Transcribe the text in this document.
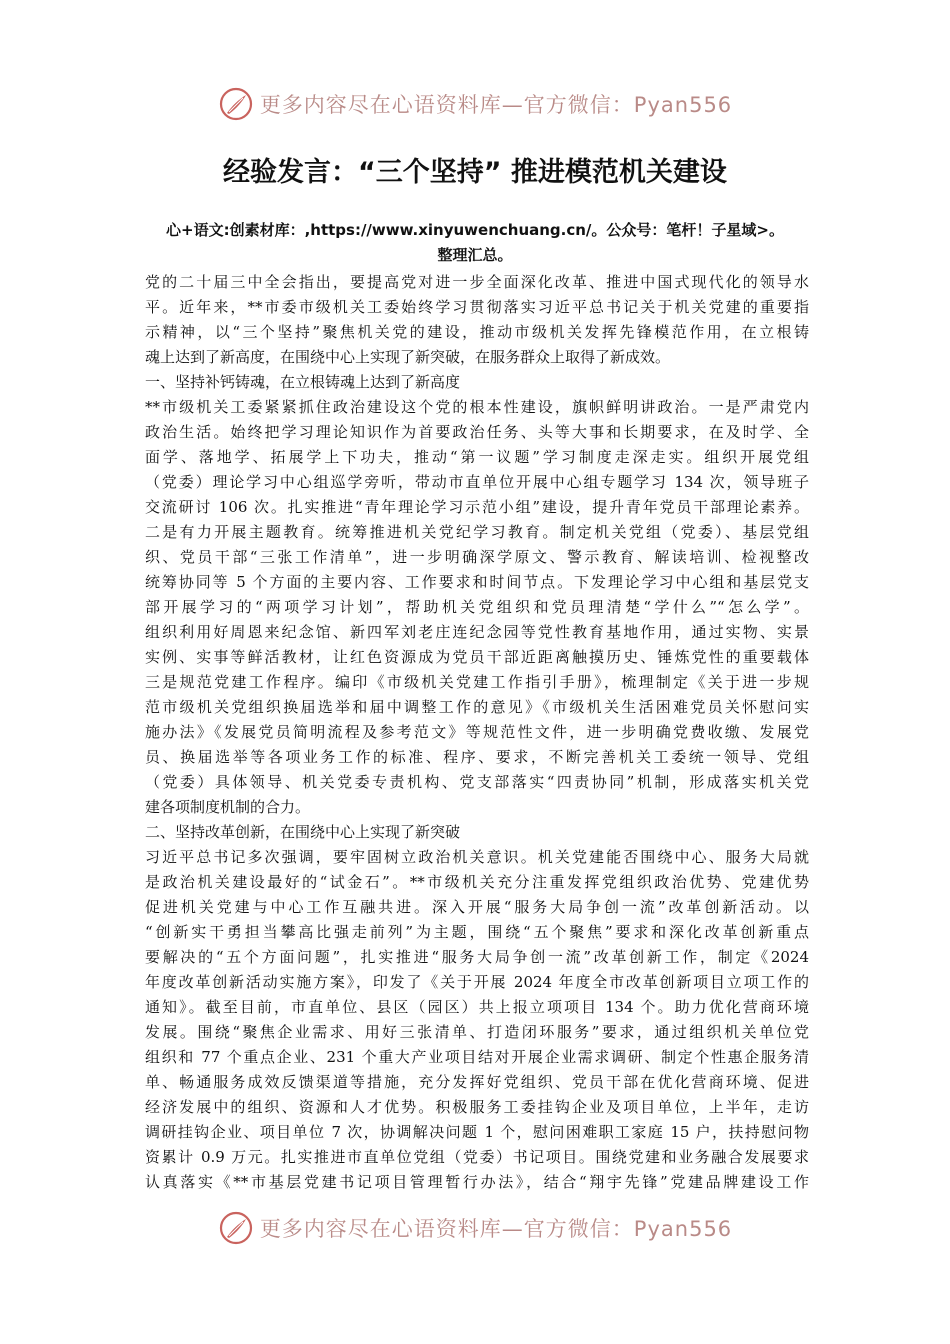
更多内容尽在心语资料库—官方微信：Pyan556
经验发言：“三个坚持” 推进模范机关建设
心+语文:创素材库：,https://www.xinyuwenchuang.cn/。公众号：笔杆！子星域>。
整理汇总。
党的二十届三中全会指出，要提高党对进一步全面深化改革、推进中国式现代化的领导水
平。近年来，**市委市级机关工委始终学习贯彻落实习近平总书记关于机关党建的重要指
示精神，以“三个坚持”聚焦机关党的建设，推动市级机关发挥先锋模范作用，在立根铸
魂上达到了新高度，在围绕中心上实现了新突破，在服务群众上取得了新成效。
一、坚持补钙铸魂，在立根铸魂上达到了新高度
**市级机关工委紧紧抓住政治建设这个党的根本性建设，旗帜鲜明讲政治。一是严肃党内
政治生活。始终把学习理论知识作为首要政治任务、头等大事和长期要求，在及时学、全
面学、落地学、拓展学上下功夫，推动“第一议题”学习制度走深走实。组织开展党组
（党委）理论学习中心组巡学旁听，带动市直单位开展中心组专题学习 134 次，领导班子
交流研讨 106 次。扎实推进“青年理论学习示范小组”建设，提升青年党员干部理论素养。
二是有力开展主题教育。统筹推进机关党纪学习教育。制定机关党组（党委）、基层党组
织、党员干部“三张工作清单”，进一步明确深学原文、警示教育、解读培训、检视整改
统筹协同等 5 个方面的主要内容、工作要求和时间节点。下发理论学习中心组和基层党支
部开展学习的“两项学习计划”，帮助机关党组织和党员理清楚“学什么”“怎么学”。
组织利用好周恩来纪念馆、新四军刘老庄连纪念园等党性教育基地作用，通过实物、实景
实例、实事等鲜活教材，让红色资源成为党员干部近距离触摸历史、锤炼党性的重要载体
三是规范党建工作程序。编印《市级机关党建工作指引手册》，梳理制定《关于进一步规
范市级机关党组织换届选举和届中调整工作的意见》《市级机关生活困难党员关怀慰问实
施办法》《发展党员简明流程及参考范文》等规范性文件，进一步明确党费收缴、发展党
员、换届选举等各项业务工作的标准、程序、要求，不断完善机关工委统一领导、党组
（党委）具体领导、机关党委专责机构、党支部落实“四责协同”机制，形成落实机关党
建各项制度机制的合力。
二、坚持改革创新，在围绕中心上实现了新突破
习近平总书记多次强调，要牢固树立政治机关意识。机关党建能否围绕中心、服务大局就
是政治机关建设最好的“试金石”。**市级机关充分注重发挥党组织政治优势、党建优势
促进机关党建与中心工作互融共进。深入开展“服务大局争创一流”改革创新活动。以
“创新实干勇担当攀高比强走前列”为主题，围绕“五个聚焦”要求和深化改革创新重点
要解决的“五个方面问题”，扎实推进“服务大局争创一流”改革创新工作，制定《2024
年度改革创新活动实施方案》，印发了《关于开展 2024 年度全市改革创新项目立项工作的
通知》。截至目前，市直单位、县区（园区）共上报立项项目 134 个。助力优化营商环境
发展。围绕“聚焦企业需求、用好三张清单、打造闭环服务”要求，通过组织机关单位党
组织和 77 个重点企业、231 个重大产业项目结对开展企业需求调研、制定个性惠企服务清
单、畅通服务成效反馈渠道等措施，充分发挥好党组织、党员干部在优化营商环境、促进
经济发展中的组织、资源和人才优势。积极服务工委挂钩企业及项目单位，上半年，走访
调研挂钩企业、项目单位 7 次，协调解决问题 1 个，慰问困难职工家庭 15 户，扶持慰问物
资累计 0.9 万元。扎实推进市直单位党组（党委）书记项目。围绕党建和业务融合发展要求
认真落实《**市基层党建书记项目管理暂行办法》，结合“翔宇先锋”党建品牌建设工作
更多内容尽在心语资料库—官方微信：Pyan556
